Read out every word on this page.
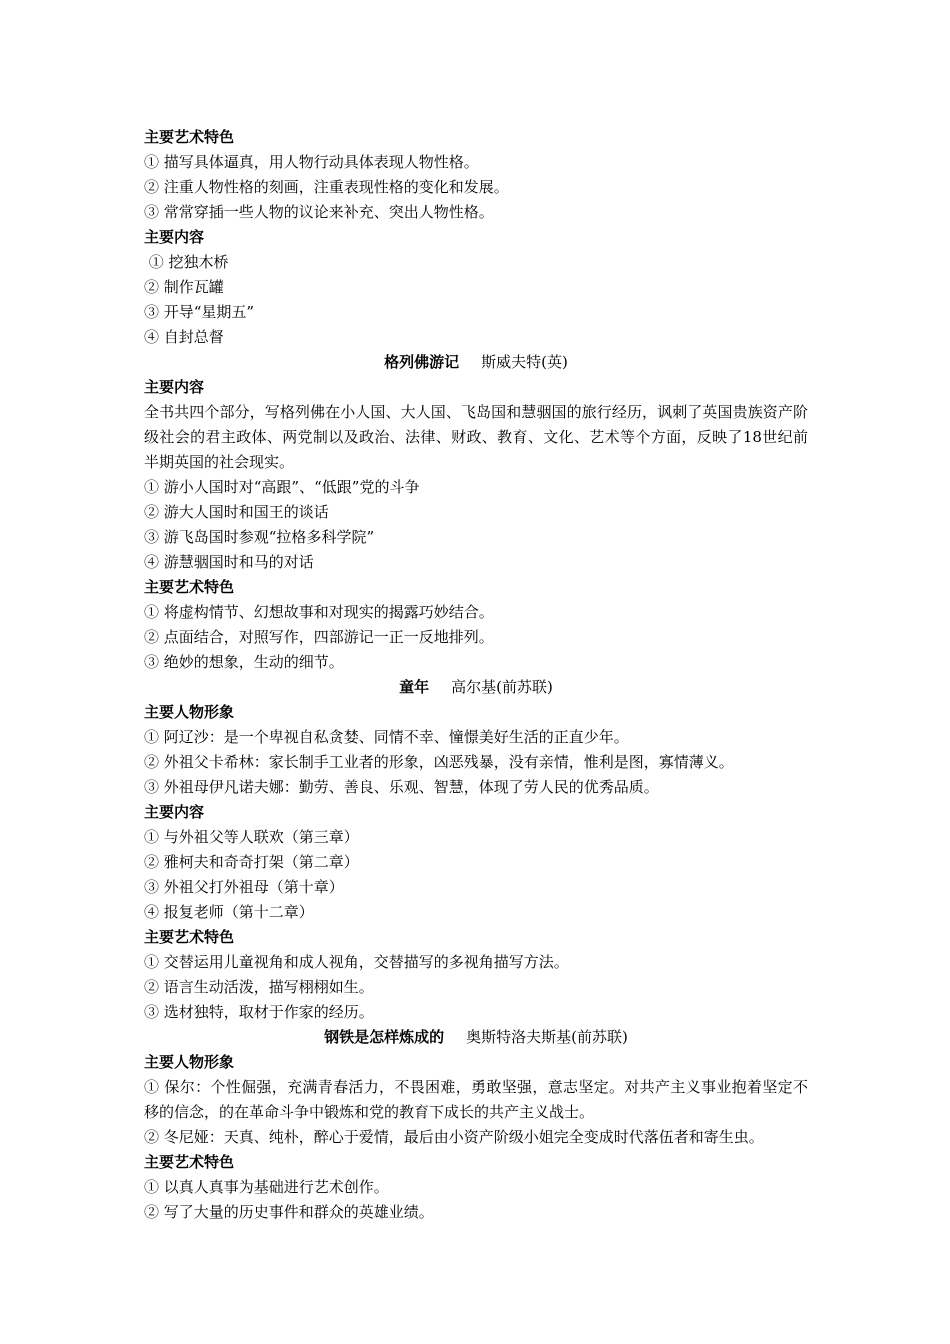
主要艺术特色
① 描写具体逼真，用人物行动具体表现人物性格。
② 注重人物性格的刻画，注重表现性格的变化和发展。
③ 常常穿插一些人物的议论来补充、突出人物性格。
主要内容
① 挖独木桥
② 制作瓦罐
③ 开导“星期五”
④ 自封总督
格列佛游记 斯威夫特(英)
主要内容
全书共四个部分，写格列佛在小人国、大人国、飞岛国和慧骃国的旅行经历，讽刺了英国贵族资产阶级社会的君主政体、两党制以及政治、法律、财政、教育、文化、艺术等个方面，反映了18世纪前半期英国的社会现实。
① 游小人国时对“高跟”、“低跟”党的斗争
② 游大人国时和国王的谈话
③ 游飞岛国时参观“拉格多科学院”
④ 游慧骃国时和马的对话
主要艺术特色
① 将虚构情节、幻想故事和对现实的揭露巧妙结合。
② 点面结合，对照写作，四部游记一正一反地排列。
③ 绝妙的想象，生动的细节。
童年 高尔基(前苏联)
主要人物形象
① 阿辽沙：是一个卑视自私贪婪、同情不幸、憧憬美好生活的正直少年。
② 外祖父卡希林：家长制手工业者的形象，凶恶残暴，没有亲情，惟利是图，寡情薄义。
③ 外祖母伊凡诺夫娜：勤劳、善良、乐观、智慧，体现了劳人民的优秀品质。
主要内容
① 与外祖父等人联欢（第三章）
② 雅柯夫和奇奇打架（第二章）
③ 外祖父打外祖母（第十章）
④ 报复老师（第十二章）
主要艺术特色
① 交替运用儿童视角和成人视角，交替描写的多视角描写方法。
② 语言生动活泼，描写栩栩如生。
③ 选材独特，取材于作家的经历。
钢铁是怎样炼成的 奥斯特洛夫斯基(前苏联)
主要人物形象
① 保尔：个性倔强，充满青春活力，不畏困难，勇敢坚强，意志坚定。对共产主义事业抱着坚定不移的信念，的在革命斗争中锻炼和党的教育下成长的共产主义战士。
② 冬尼娅：天真、纯朴，醉心于爱情，最后由小资产阶级小姐完全变成时代落伍者和寄生虫。
主要艺术特色
① 以真人真事为基础进行艺术创作。
② 写了大量的历史事件和群众的英雄业绩。
